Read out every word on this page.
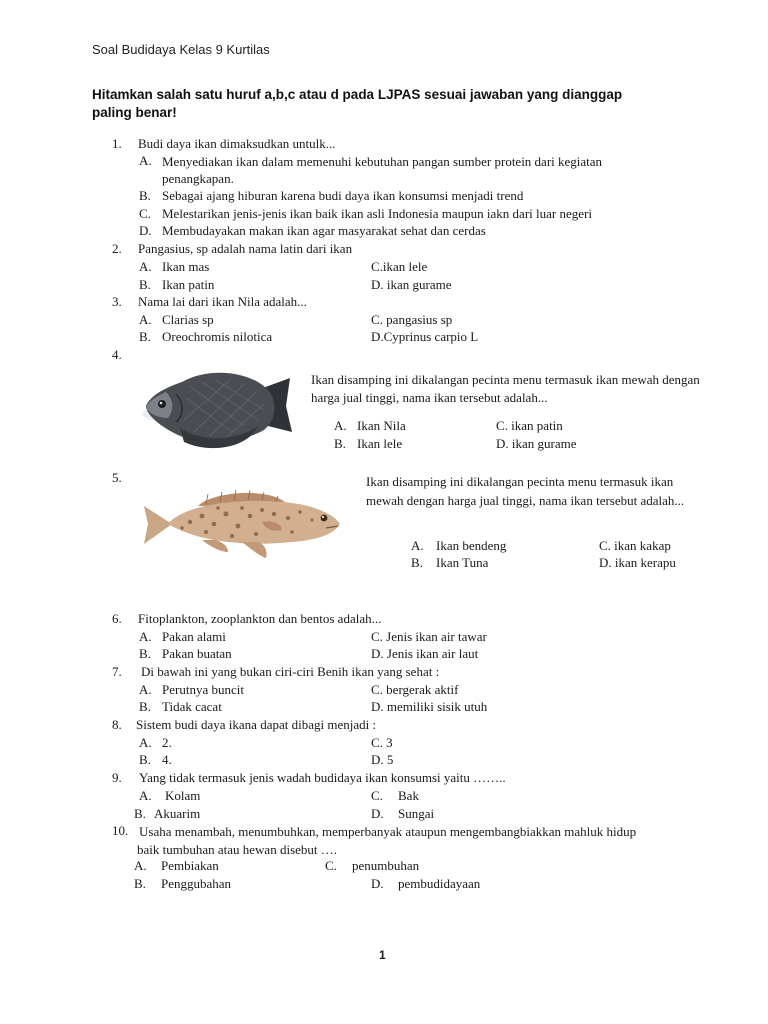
Soal Budidaya Kelas 9 Kurtilas
Hitamkan salah satu huruf a,b,c atau d pada LJPAS sesuai jawaban yang dianggap paling benar!
1. Budi daya ikan dimaksudkan untulk...
A. Menyediakan ikan dalam memenuhi kebutuhan pangan sumber protein dari kegiatan penangkapan.
B. Sebagai ajang hiburan karena budi daya ikan konsumsi menjadi trend
C. Melestarikan jenis-jenis ikan baik ikan asli Indonesia maupun iakn dari luar negeri
D. Membudayakan makan ikan agar masyarakat sehat dan cerdas
2. Pangasius, sp adalah nama latin dari ikan
A. Ikan mas	C.ikan lele
B. Ikan patin	D. ikan gurame
3. Nama lai dari ikan Nila adalah...
A. Clarias sp	C. pangasius sp
B. Oreochromis nilotica	D.Cyprinus carpio L
4.
Ikan disamping ini dikalangan pecinta menu termasuk ikan mewah dengan harga jual tinggi, nama ikan tersebut adalah...
A. Ikan Nila	C. ikan patin
B. Ikan lele	D. ikan gurame
5.	Ikan disamping ini dikalangan pecinta menu termasuk ikan mewah dengan harga jual tinggi, nama ikan tersebut adalah...
A. Ikan bendeng	C. ikan kakap
B. Ikan Tuna	D. ikan kerapu
6. Fitoplankton, zooplankton dan bentos adalah...
A. Pakan alami	C. Jenis ikan air tawar
B. Pakan buatan	D. Jenis ikan air laut
7. Di bawah ini yang bukan ciri-ciri Benih ikan yang sehat :
A. Perutnya buncit	C. bergerak aktif
B. Tidak cacat	D. memiliki sisik utuh
8. Sistem budi daya ikana dapat dibagi menjadi :
A. 2.	C. 3
B. 4.	D. 5
9. Yang tidak termasuk jenis wadah budidaya ikan konsumsi yaitu ……..
A. Kolam	C. Bak
B. Akuarim	D. Sungai
10. Usaha menambah, menumbuhkan, memperbanyak ataupun mengembangbiakkan mahluk hidup baik tumbuhan atau hewan disebut ….
A. Pembiakan	C. penumbuhan
B. Penggubahan	D. pembudidayaan
1
